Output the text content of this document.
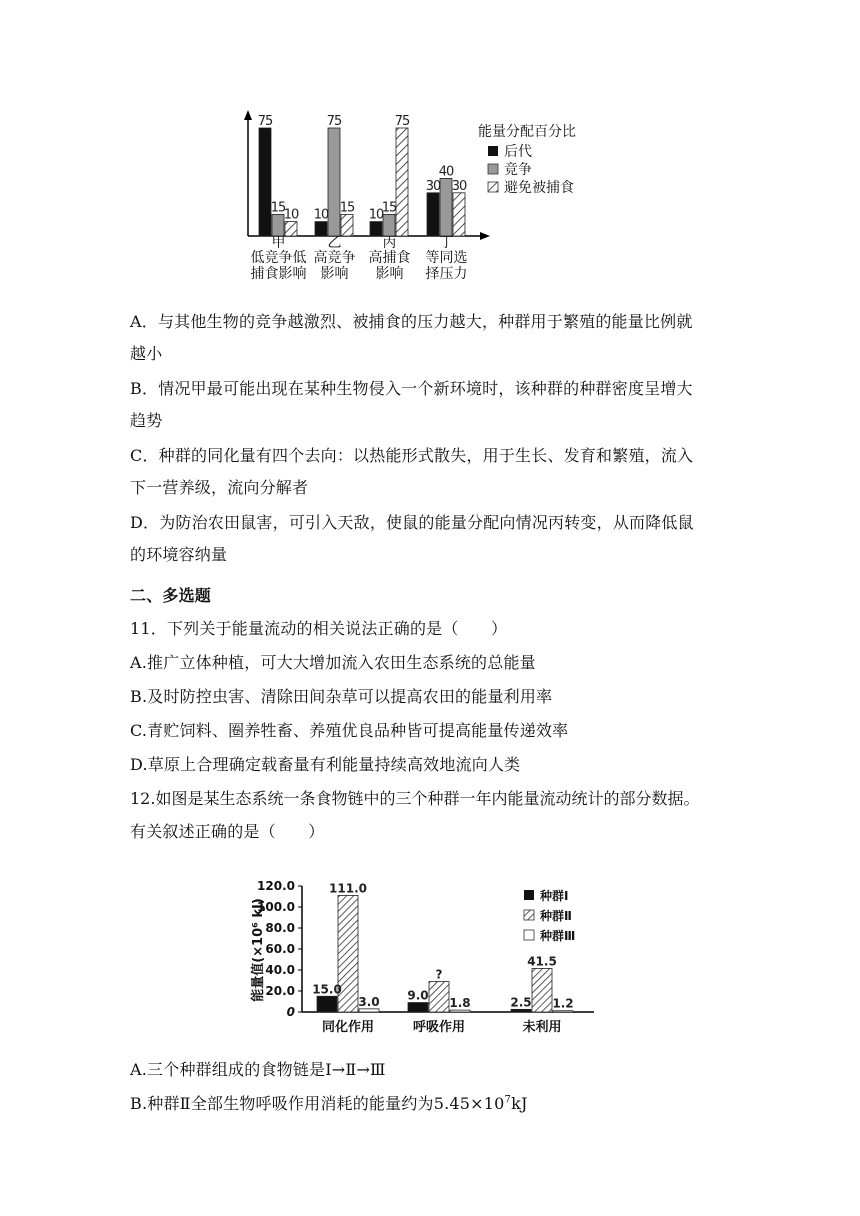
75
15
10
甲
低竞争低
捕食影响
10
75
15
乙
高竞争
影响
10
15
75
丙
高捕食
影响
30
40
30
丁
等同选
择压力
能量分配百分比
后代
竞争
避免被捕食
A．与其他生物的竞争越激烈、被捕食的压力越大，种群用于繁殖的能量比例就
越小
B．情况甲最可能出现在某种生物侵入一个新环境时，该种群的种群密度呈增大
趋势
C．种群的同化量有四个去向：以热能形式散失，用于生长、发育和繁殖，流入
下一营养级，流向分解者
D．为防治农田鼠害，可引入天敌，使鼠的能量分配向情况丙转变，从而降低鼠
的环境容纳量
二、多选题
11．下列关于能量流动的相关说法正确的是（　　）
A.推广立体种植，可大大增加流入农田生态系统的总能量
B.及时防控虫害、清除田间杂草可以提高农田的能量利用率
C.青贮饲料、圈养牲畜、养殖优良品种皆可提高能量传递效率
D.草原上合理确定载畜量有利能量持续高效地流向人类
12.如图是某生态系统一条食物链中的三个种群一年内能量流动统计的部分数据。
有关叙述正确的是（　　）
能量值(×10⁶ kJ)
120.0
100.0
80.0
60.0
40.0
20.0
0
15.0
111.0
3.0
同化作用
9.0
?
1.8
呼吸作用
2.5
41.5
1.2
未利用
种群Ⅰ
种群Ⅱ
种群Ⅲ
A.三个种群组成的食物链是Ⅰ→Ⅱ→Ⅲ
B.种群Ⅱ全部生物呼吸作用消耗的能量约为$5.45\times 10^7kJ$
